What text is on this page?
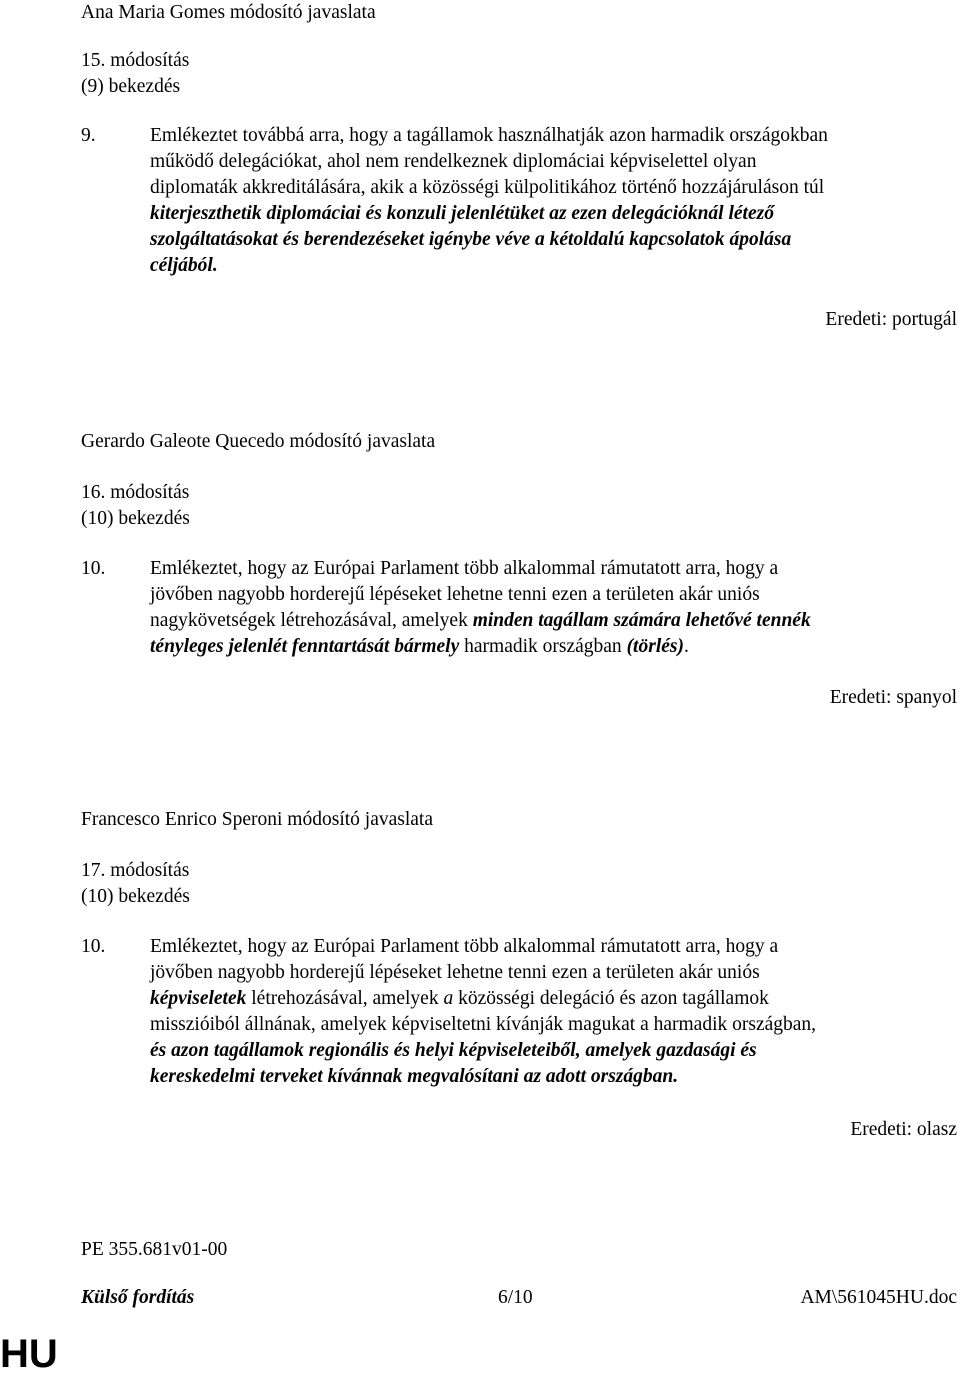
Ana Maria Gomes módosító javaslata
15. módosítás
(9) bekezdés
9.	Emlékeztet továbbá arra, hogy a tagállamok használhatják azon harmadik országokban
működő delegációkat, ahol nem rendelkeznek diplomáciai képviselettel olyan
diplomaták akkreditálására, akik a közösségi külpolitikához történő hozzájáruláson túl
kiterjeszthetik diplomáciai és konzuli jelenlétüket az ezen delegációknál létező
szolgáltatásokat és berendezéseket igénybe véve a kétoldalú kapcsolatok ápolása
céljából.
Eredeti: portugál
Gerardo Galeote Quecedo módosító javaslata
16. módosítás
(10) bekezdés
10. Emlékeztet, hogy az Európai Parlament több alkalommal rámutatott arra, hogy a
jövőben nagyobb horderejű lépéseket lehetne tenni ezen a területen akár uniós
nagykövetségek létrehozásával, amelyek minden tagállam számára lehetővé tennék
tényleges jelenlét fenntartását bármely harmadik országban (törlés).
Eredeti: spanyol
Francesco Enrico Speroni módosító javaslata
17. módosítás
(10) bekezdés
10. Emlékeztet, hogy az Európai Parlament több alkalommal rámutatott arra, hogy a
jövőben nagyobb horderejű lépéseket lehetne tenni ezen a területen akár uniós
képviseletek létrehozásával, amelyek a közösségi delegáció és azon tagállamok
misszióiból állnának, amelyek képviseltetni kívánják magukat a harmadik országban,
és azon tagállamok regionális és helyi képviseleteiből, amelyek gazdasági és
kereskedelmi terveket kívánnak megvalósítani az adott országban.
Eredeti: olasz
PE 355.681v01-00
Külső fordítás	6/10	AM\561045HU.doc
HU
